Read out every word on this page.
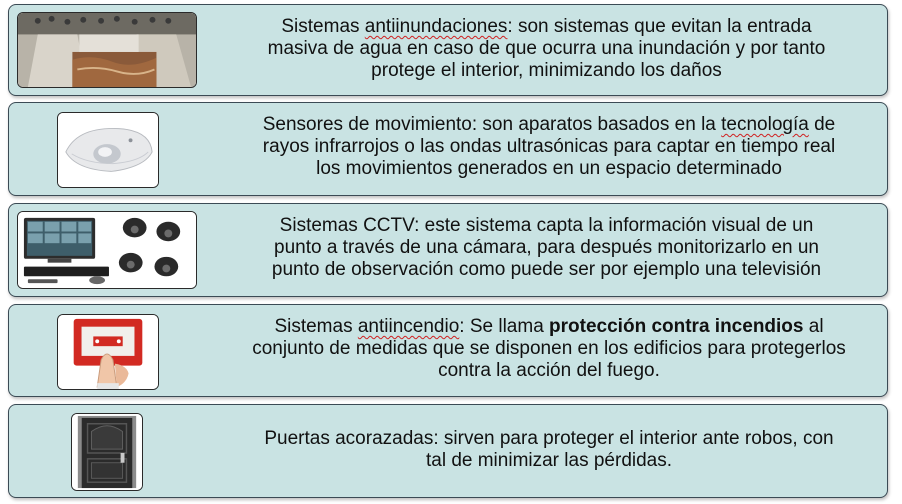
Sistemas antiinundaciones: son sistemas que evitan la entrada
masiva de agua en caso de que ocurra una inundación y por tanto
protege el interior, minimizando los daños
Sensores de movimiento: son aparatos basados en la tecnología de
rayos infrarrojos o las ondas ultrasónicas para captar en tiempo real
los movimientos generados en un espacio determinado
Sistemas CCTV: este sistema capta la información visual de un
punto a través de una cámara, para después monitorizarlo en un
punto de observación como puede ser por ejemplo una televisión
Sistemas antiincendio: Se llama protección contra incendios al
conjunto de medidas que se disponen en los edificios para protegerlos
contra la acción del fuego.
Puertas acorazadas: sirven para proteger el interior ante robos, con
tal de minimizar las pérdidas.
